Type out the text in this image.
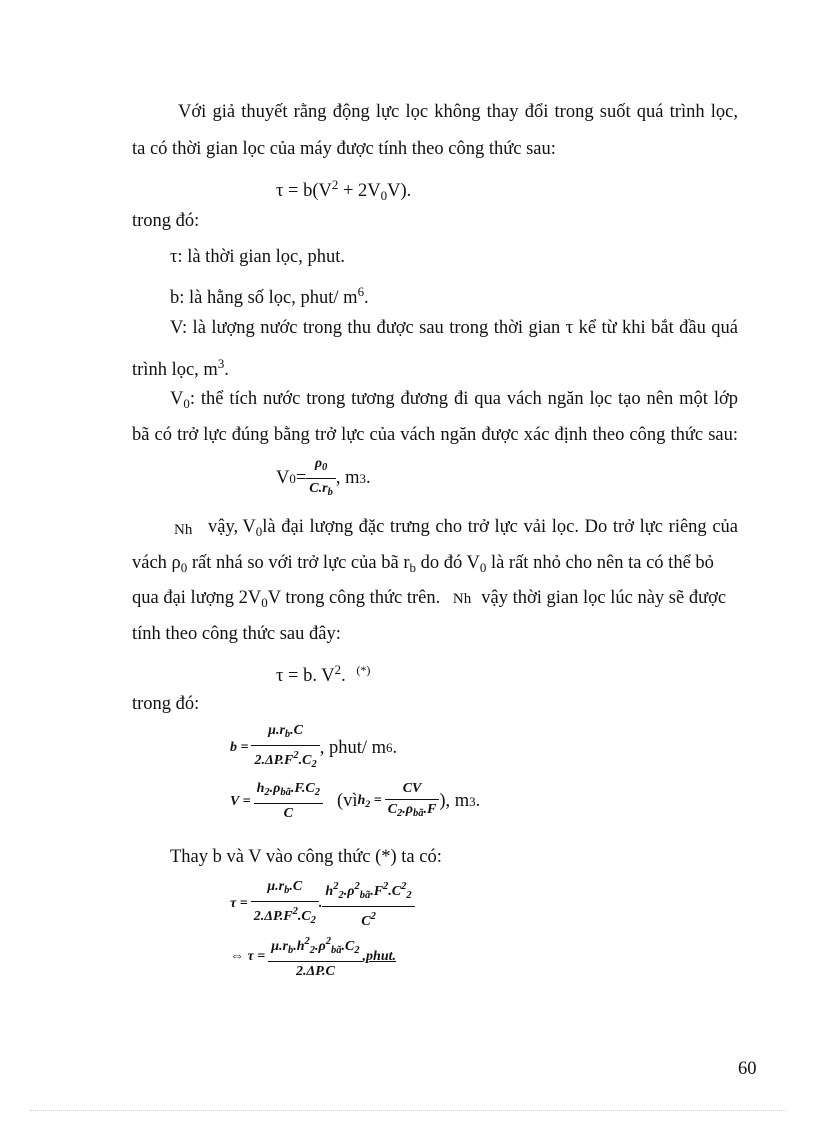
Với giả thuyết rằng động lực lọc không thay đổi trong suốt quá trình lọc,
ta có thời gian lọc của máy được tính theo công thức sau:
$\tau = b(V^2 + 2V_0V)$.
trong đó:
τ: là thời gian lọc, phut.
b: là hằng số lọc, phut/ $m^6$.
V: là lượng nước trong thu được sau trong thời gian τ kể từ khi bắt đầu quá
trình lọc, $m^3$.
$V_0$ : thể tích nước trong tương đương đi qua vách ngăn lọc tạo nên một lớp
bã có trở lực đúng bằng trở lực của vách ngăn được xác định theo công thức sau:
V $0 = \frac{\rho_0}{C.r_b}$ , m 3 .
Nh vậy, $V_0$ là đại lượng đặc trưng cho trở lực vải lọc. Do trở lực riêng của
vách $\rho_0$ rất nhá so với trở lực của bã $r_b$ do đó $V_0$ là rất nhỏ cho nên ta có thể bỏ
qua đại lượng $2V_0V$ trong công thức trên. Nh vậy thời gian lọc lúc này sẽ được
tính theo công thức sau đây:
τ = b. $V^2$. (*)
trong đó:
$b = \frac{\mu.r_b.C}{2.\Delta P.F^2.C_2}$ , phut/ m 6 .
$V = \frac{h_2.\rho_{bã}.F.C_2}{C}$ (vì $h_2 = \frac{CV}{C_2.\rho_{bã}.F}$ ), m 3 .
Thay b và V vào công thức (*) ta có:
$\tau = \frac{\mu.r_b.C}{2.\Delta P.F^2.C_2}$ . $\frac{h^2_2.\rho^2_{bã}.F^2.C^2_2}{C^2}$
⇔ $\tau = \frac{\mu.r_b.h^2_2.\rho^2_{bã}.C_2}{2.\Delta P.C}$ ,phut.
60
